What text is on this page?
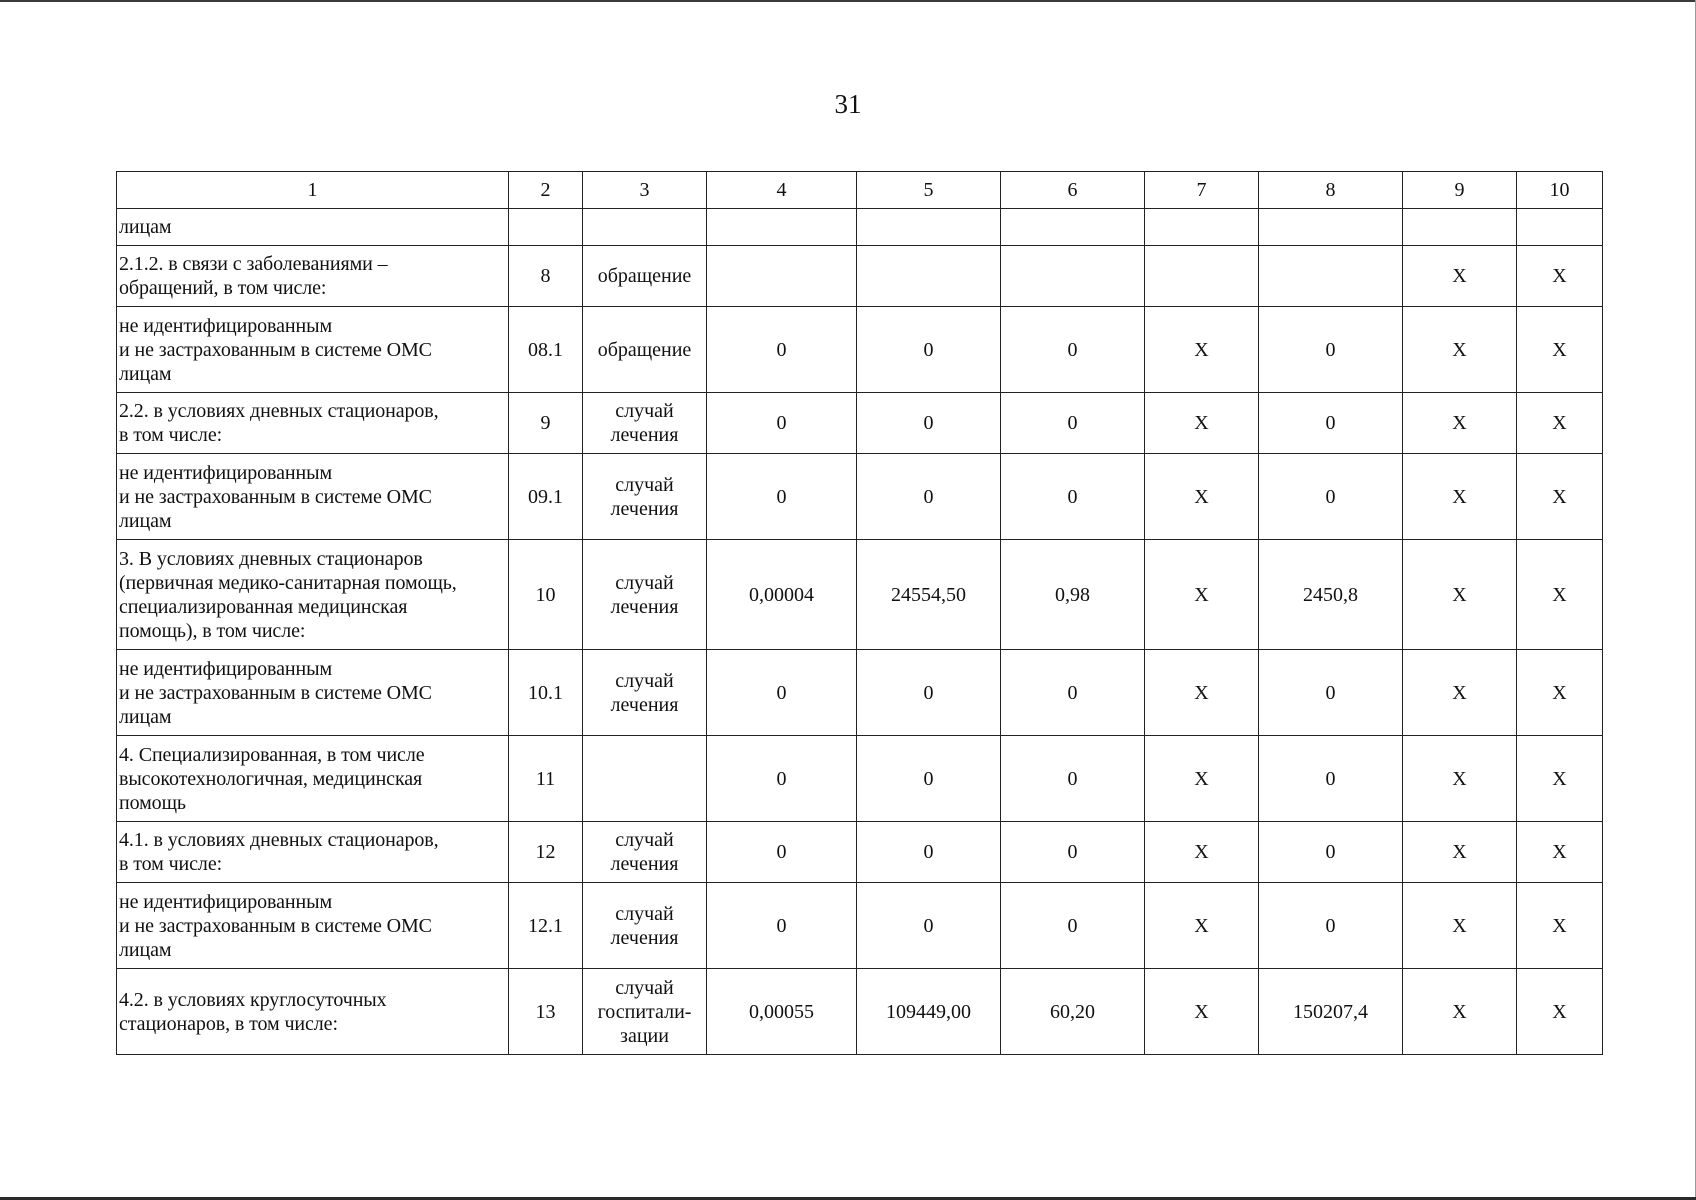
31
1	2	3	4	5	6	7	8	9	10

лицам									

2.1.2. в связи с заболеваниями –
обращений, в том числе:	8	обращение						Х	Х

не идентифицированным
и не застрахованным в системе ОМС
лицам	08.1	обращение	0	0	0	Х	0	Х	Х

2.2. в условиях дневных стационаров,
в том числе:	9	случай
лечения	0	0	0	Х	0	Х	Х

не идентифицированным
и не застрахованным в системе ОМС
лицам	09.1	случай
лечения	0	0	0	Х	0	Х	Х

3. В условиях дневных стационаров
(первичная медико-санитарная помощь,
специализированная медицинская
помощь), в том числе:	10	случай
лечения	0,00004	24554,50	0,98	Х	2450,8	Х	Х

не идентифицированным
и не застрахованным в системе ОМС
лицам	10.1	случай
лечения	0	0	0	Х	0	Х	Х

4. Специализированная, в том числе
высокотехнологичная, медицинская
помощь	11		0	0	0	Х	0	Х	Х

4.1. в условиях дневных стационаров,
в том числе:	12	случай
лечения	0	0	0	Х	0	Х	Х

не идентифицированным
и не застрахованным в системе ОМС
лицам	12.1	случай
лечения	0	0	0	Х	0	Х	Х

4.2. в условиях круглосуточных
стационаров, в том числе:	13	случай
госпитали-
зации	0,00055	109449,00	60,20	Х	150207,4	Х	Х
